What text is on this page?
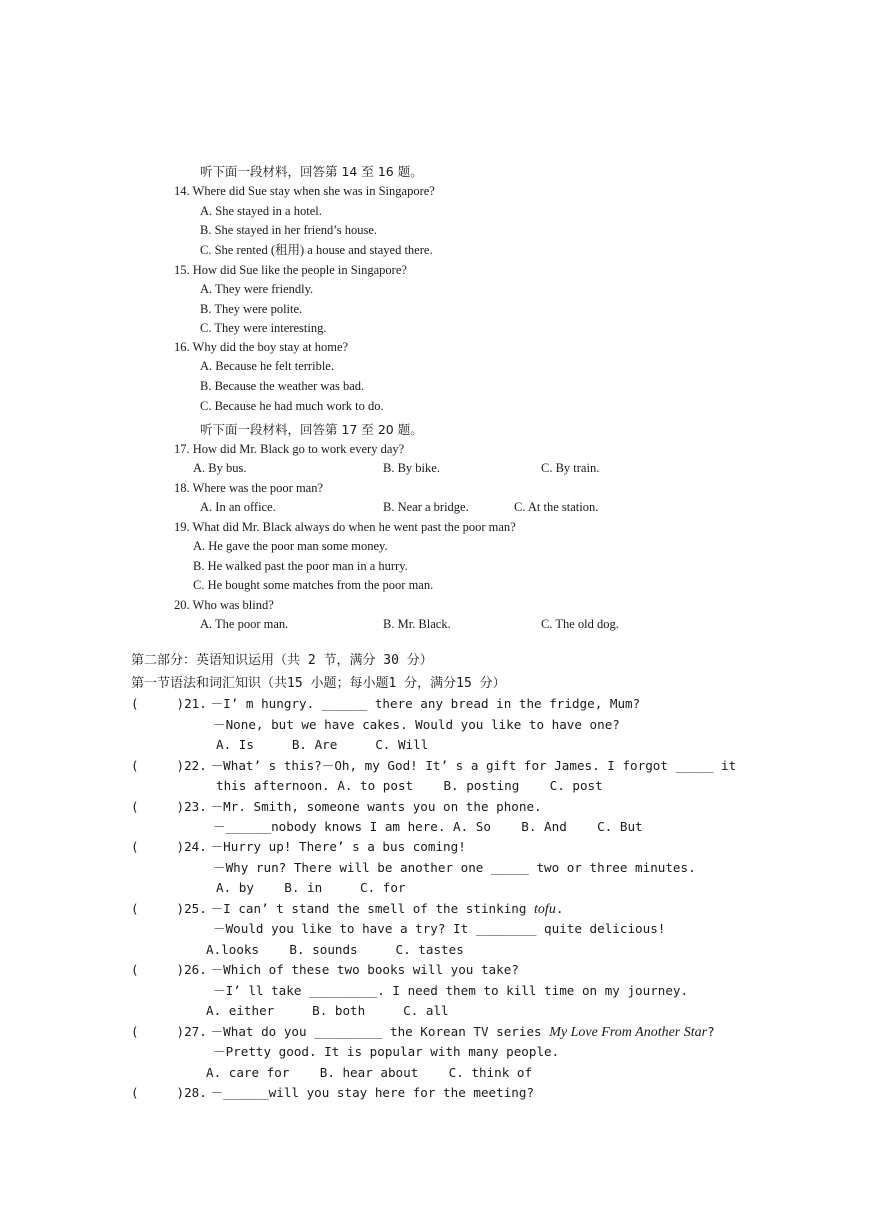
听下面一段材料，回答第 14 至 16 题。
14. Where did Sue stay when she was in Singapore?
A. She stayed in a hotel.
B. She stayed in her friend’s house.
C. She rented (租用) a house and stayed there.
15. How did Sue like the people in Singapore?
A. They were friendly.
B. They were polite.
C. They were interesting.
16. Why did the boy stay at home?
A. Because he felt terrible.
B. Because the weather was bad.
C. Because he had much work to do.
听下面一段材料，回答第 17 至 20 题。
17. How did Mr. Black go to work every day?
A. By bus.	B. By bike.	C. By train.
18. Where was the poor man?
A. In an office.	B. Near a bridge.	C. At the station.
19. What did Mr. Black always do when he went past the poor man?
A. He gave the poor man some money.
B. He walked past the poor man in a hurry.
C. He bought some matches from the poor man.
20. Who was blind?
A. The poor man.	B. Mr. Black.	C. The old dog.
第二部分：英语知识运用（共 2 节，满分 30 分）
第一节语法和词汇知识（共15 小题；每小题1 分，满分15 分）
(     )21.
－I’ m hungry. ______ there any bread in the fridge, Mum?
－None, but we have cakes. Would you like to have one?
A. Is     B. Are     C. Will
(     )22.
－What’ s this?－Oh, my God! It’ s a gift for James. I forgot _____ it
this afternoon. A. to post    B. posting    C. post
(     )23.
－Mr. Smith, someone wants you on the phone.
－______nobody knows I am here. A. So    B. And    C. But
(     )24.
－Hurry up! There’ s a bus coming!
－Why run? There will be another one _____ two or three minutes.
A. by    B. in     C. for
(     )25.
－I can’ t stand the smell of the stinking tofu.
－Would you like to have a try? It ________ quite delicious!
A.looks    B. sounds     C. tastes
(     )26.
－Which of these two books will you take?
－I’ ll take _________. I need them to kill time on my journey.
A. either     B. both     C. all
(     )27.
－What do you _________ the Korean TV series My Love From Another Star?
－Pretty good. It is popular with many people.
A. care for    B. hear about    C. think of
(     )28.
－______will you stay here for the meeting?
